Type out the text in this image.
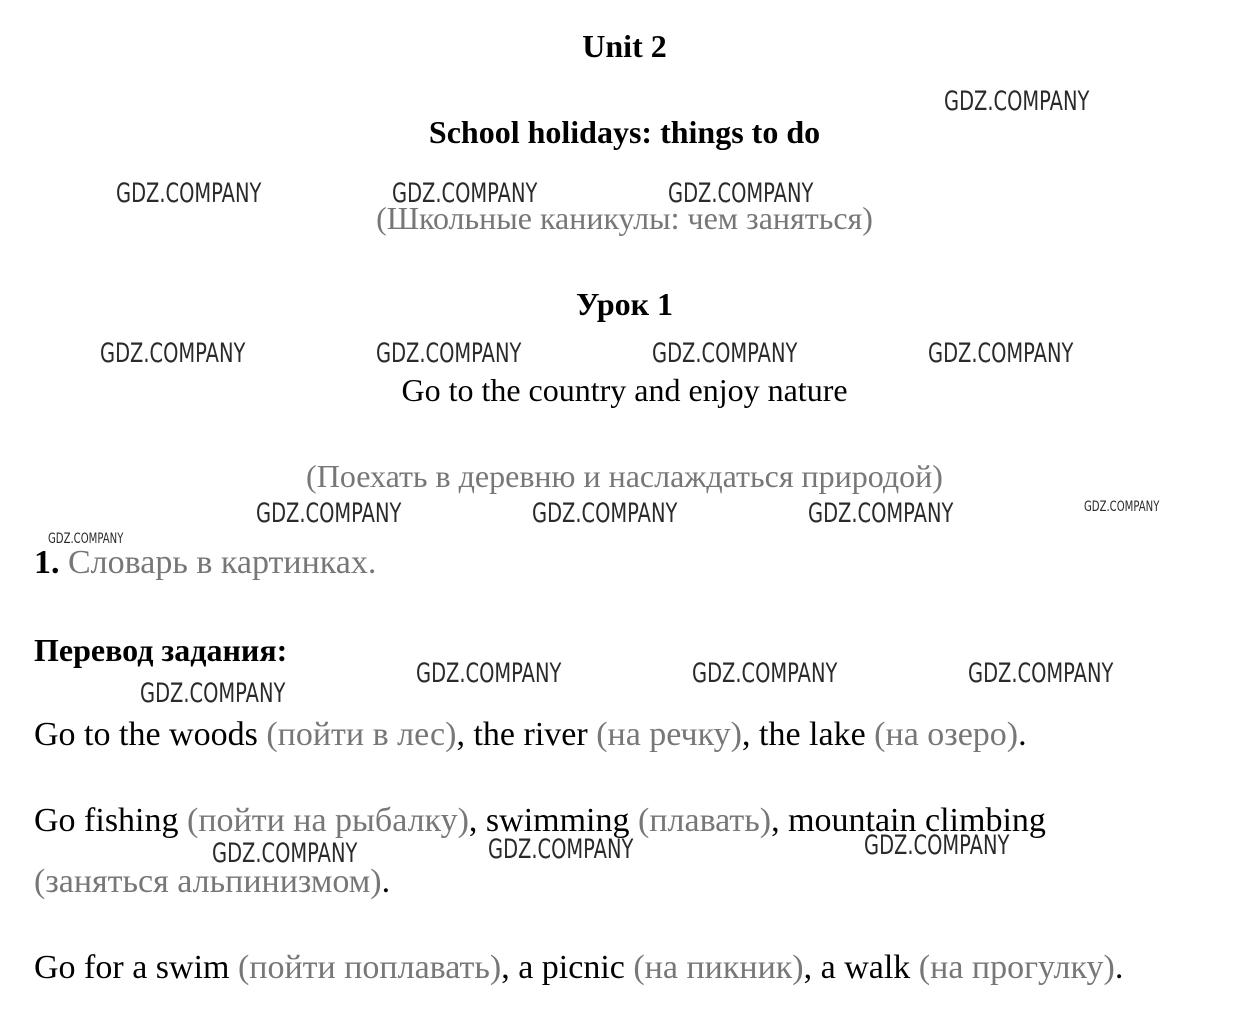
Unit 2
School holidays: things to do
(Школьные каникулы: чем заняться)
Урок 1
Go to the country and enjoy nature
(Поехать в деревню и наслаждаться природой)
1. Словарь в картинках.
Перевод задания:
Go to the woods (пойти в лес), the river (на речку), the lake (на озеро).
Go fishing (пойти на рыбалку), swimming (плавать), mountain climbing
(заняться альпинизмом).
Go for a swim (пойти поплавать), a picnic (на пикник), a walk (на прогулку).
GDZ.COMPANY
GDZ.COMPANY	GDZ.COMPANY	GDZ.COMPANY
GDZ.COMPANY	GDZ.COMPANY	GDZ.COMPANY	GDZ.COMPANY
GDZ.COMPANY	GDZ.COMPANY	GDZ.COMPANY	GDZ.COMPANY
GDZ.COMPANY
GDZ.COMPANY
GDZ.COMPANY	GDZ.COMPANY	GDZ.COMPANY
GDZ.COMPANY	GDZ.COMPANY	GDZ.COMPANY
